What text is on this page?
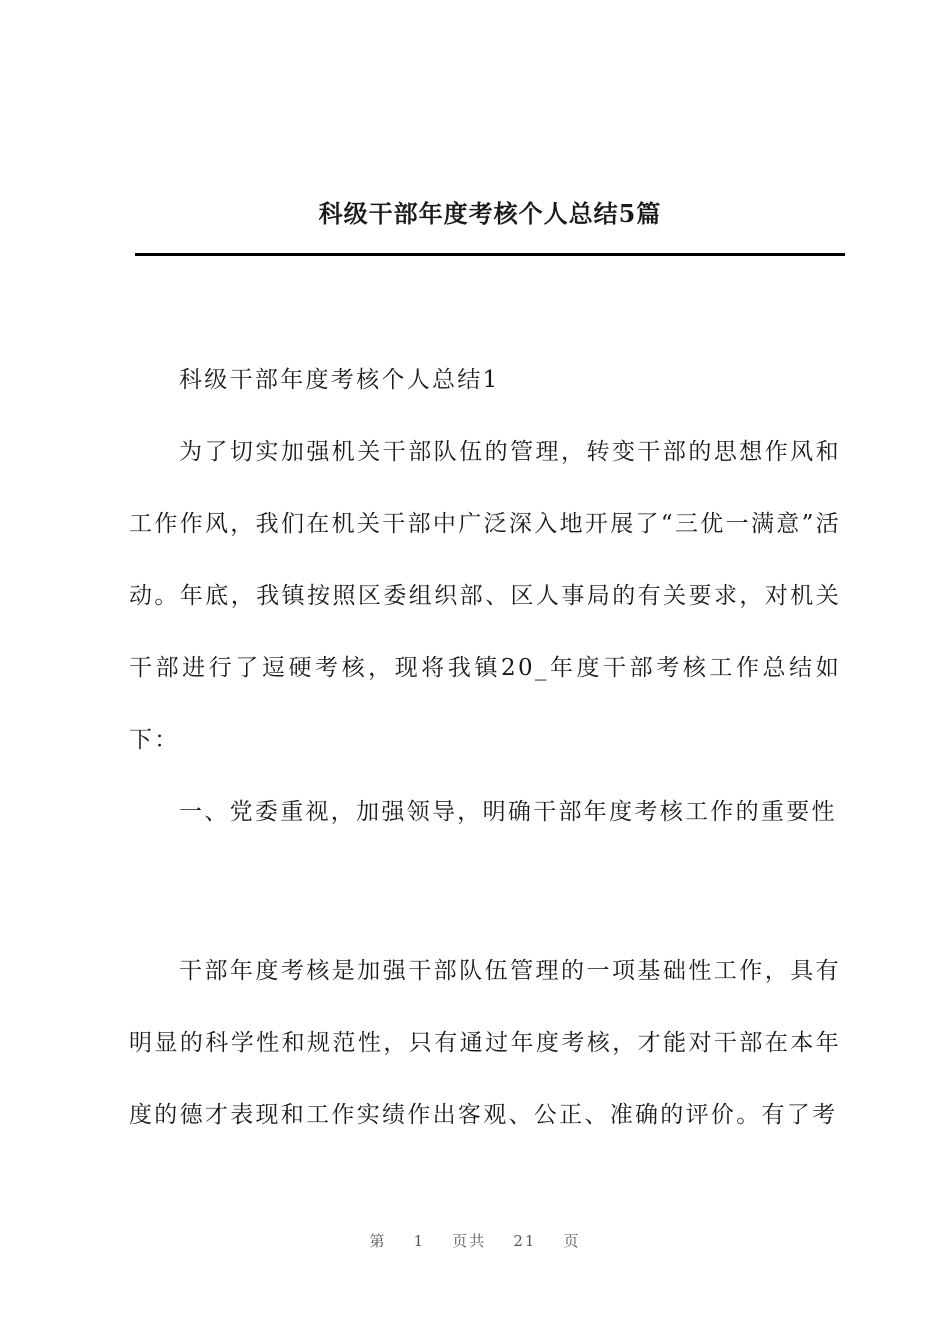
科级干部年度考核个人总结5篇

科级干部年度考核个人总结1

为了切实加强机关干部队伍的管理，转变干部的思想作风和工作作风，我们在机关干部中广泛深入地开展了“三优一满意”活动。年底，我镇按照区委组织部、区人事局的有关要求，对机关干部进行了逗硬考核，现将我镇20_年度干部考核工作总结如下：

一、党委重视，加强领导，明确干部年度考核工作的重要性

干部年度考核是加强干部队伍管理的一项基础性工作，具有明显的科学性和规范性，只有通过年度考核，才能对干部在本年度的德才表现和工作实绩作出客观、公正、准确的评价。有了考

第 1 页共 21 页
